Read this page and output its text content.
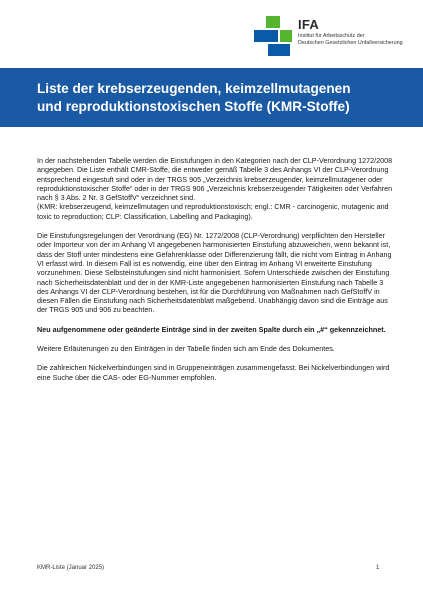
IFA
Institut für Arbeitsschutz der
Deutschen Gesetzlichen Unfallversicherung
Liste der krebserzeugenden, keimzellmutagenen
und reproduktionstoxischen Stoffe (KMR-Stoffe)

In der nachstehenden Tabelle werden die Einstufungen in den Kategorien nach der CLP-Verordnung 1272/2008 angegeben. Die Liste enthält CMR-Stoffe, die entweder gemäß Tabelle 3 des Anhangs VI der CLP-Verordnung entsprechend eingestuft sind oder in der TRGS 905 „Verzeichnis krebserzeugender, keimzellmutagener oder reproduktionstoxischer Stoffe“ oder in der TRGS 906 „Verzeichnis krebserzeugender Tätigkeiten oder Verfahren nach § 3 Abs. 2 Nr. 3 GefStoffV“ verzeichnet sind.
(KMR: krebserzeugend, keimzellmutagen und reproduktionstoxisch; engl.: CMR - carcinogenic, mutagenic and toxic to reproduction; CLP: Classification, Labelling and Packaging).

Die Einstufungsregelungen der Verordnung (EG) Nr. 1272/2008 (CLP-Verordnung) verpflichten den Hersteller oder Importeur von der im Anhang VI angegebenen harmonisierten Einstufung abzuweichen, wenn bekannt ist, dass der Stoff unter mindestens eine Gefahrenklasse oder Differenzierung fällt, die nicht vom Eintrag in Anhang VI erfasst wird. In diesem Fall ist es notwendig, eine über den Eintrag im Anhang VI erweiterte Einstufung vorzunehmen. Diese Selbsteinstufungen sind nicht harmonisiert. Sofern Unterschiede zwischen der Einstufung nach Sicherheitsdatenblatt und der in der KMR-Liste angegebenen harmonisierten Einstufung nach Tabelle 3 des Anhangs VI der CLP-Verordnung bestehen, ist für die Durchführung von Maßnahmen nach GefStoffV in diesen Fällen die Einstufung nach Sicherheitsdatenblatt maßgebend. Unabhängig davon sind die Einträge aus der TRGS 905 und 906 zu beachten.

Neu aufgenommene oder geänderte Einträge sind in der zweiten Spalte durch ein „#“ gekennzeichnet.

Weitere Erläuterungen zu den Einträgen in der Tabelle finden sich am Ende des Dokumentes.

Die zahlreichen Nickelverbindungen sind in Gruppeneinträgen zusammengefasst. Bei Nickelverbindungen wird eine Suche über die CAS- oder EG-Nummer empfohlen.

KMR-Liste (Januar 2025)	1
